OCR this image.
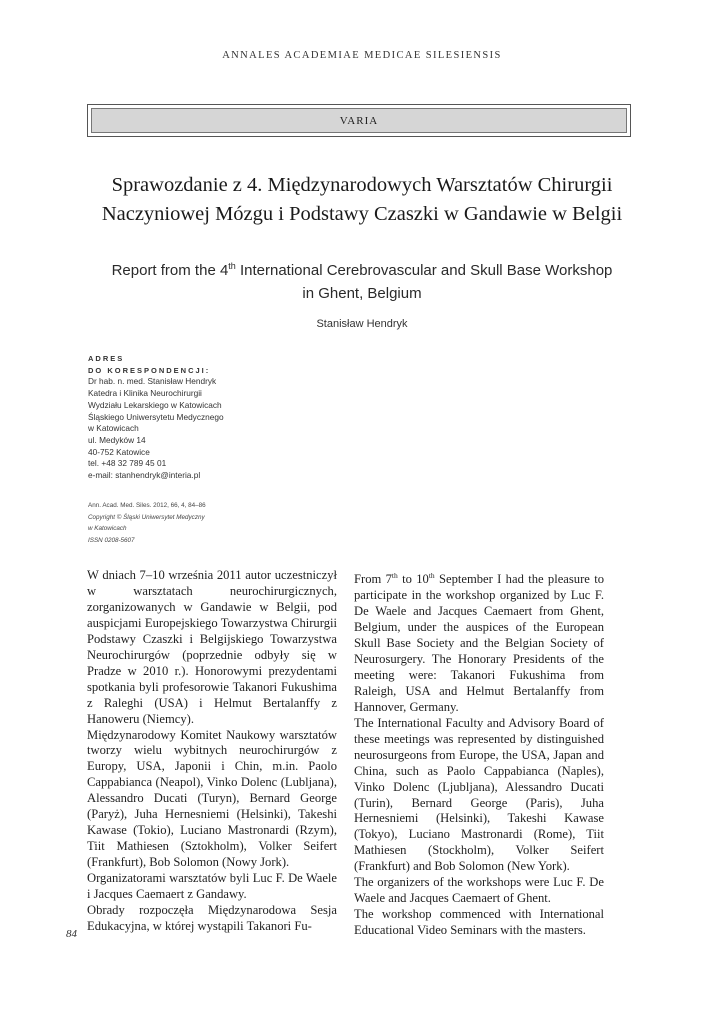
ANNALES ACADEMIAE MEDICAE SILESIENSIS
VARIA
Sprawozdanie z 4. Międzynarodowych Warsztatów Chirurgii
Naczyniowej Mózgu i Podstawy Czaszki w Gandawie w Belgii
Report from the 4th International Cerebrovascular and Skull Base Workshop
in Ghent, Belgium
Stanisław Hendryk
ADRES
DO KORESPONDENCJI:
Dr hab. n. med. Stanisław Hendryk
Katedra i Klinika Neurochirurgii
Wydziału Lekarskiego w Katowicach
Śląskiego Uniwersytetu Medycznego
w Katowicach
ul. Medyków 14
40-752 Katowice
tel. +48 32 789 45 01
e-mail: stanhendryk@interia.pl
Ann. Acad. Med. Siles. 2012, 66, 4, 84–86
Copyright © Śląski Uniwersytet Medyczny
w Katowicach
ISSN 0208-5607

W dniach 7–10 września 2011 autor uczestniczył w warsztatach neurochirurgicznych, zorganizowanych w Gandawie w Belgii, pod auspicjami Europejskiego Towarzystwa Chirurgii Podstawy Czaszki i Belgijskiego Towarzystwa Neurochirurgów (poprzednie odbyły się w Pradze w 2010 r.). Honorowymi prezydentami spotkania byli profesorowie Takanori Fukushima z Raleghi (USA) i Helmut Bertalanffy z Hanoweru (Niemcy).

Międzynarodowy Komitet Naukowy warsztatów tworzy wielu wybitnych neurochirurgów z Europy, USA, Japonii i Chin, m.in. Paolo Cappabianca (Neapol), Vinko Dolenc (Lubljana), Alessandro Ducati (Turyn), Bernard George (Paryż), Juha Hernesniemi (Helsinki), Takeshi Kawase (Tokio), Luciano Mastronardi (Rzym), Tiit Mathiesen (Sztokholm), Volker Seifert (Frankfurt), Bob Solomon (Nowy Jork).

Organizatorami warsztatów byli Luc F. De Waele i Jacques Caemaert z Gandawy.

Obrady rozpoczęła Międzynarodowa Sesja Edukacyjna, w której wystąpili Takanori Fu-

From 7th to 10th September I had the pleasure to participate in the workshop organized by Luc F. De Waele and Jacques Caemaert from Ghent, Belgium, under the auspices of the European Skull Base Society and the Belgian Society of Neurosurgery. The Honorary Presidents of the meeting were: Takanori Fukushima from Raleigh, USA and Helmut Bertalanffy from Hannover, Germany.

The International Faculty and Advisory Board of these meetings was represented by distinguished neurosurgeons from Europe, the USA, Japan and China, such as Paolo Cappabianca (Naples), Vinko Dolenc (Ljubljana), Alessandro Ducati (Turin), Bernard George (Paris), Juha Hernesniemi (Helsinki), Takeshi Kawase (Tokyo), Luciano Mastronardi (Rome), Tiit Mathiesen (Stockholm), Volker Seifert (Frankfurt) and Bob Solomon (New York).

The organizers of the workshops were Luc F. De Waele and Jacques Caemaert of Ghent.

The workshop commenced with International Educational Video Seminars with the masters.

84
